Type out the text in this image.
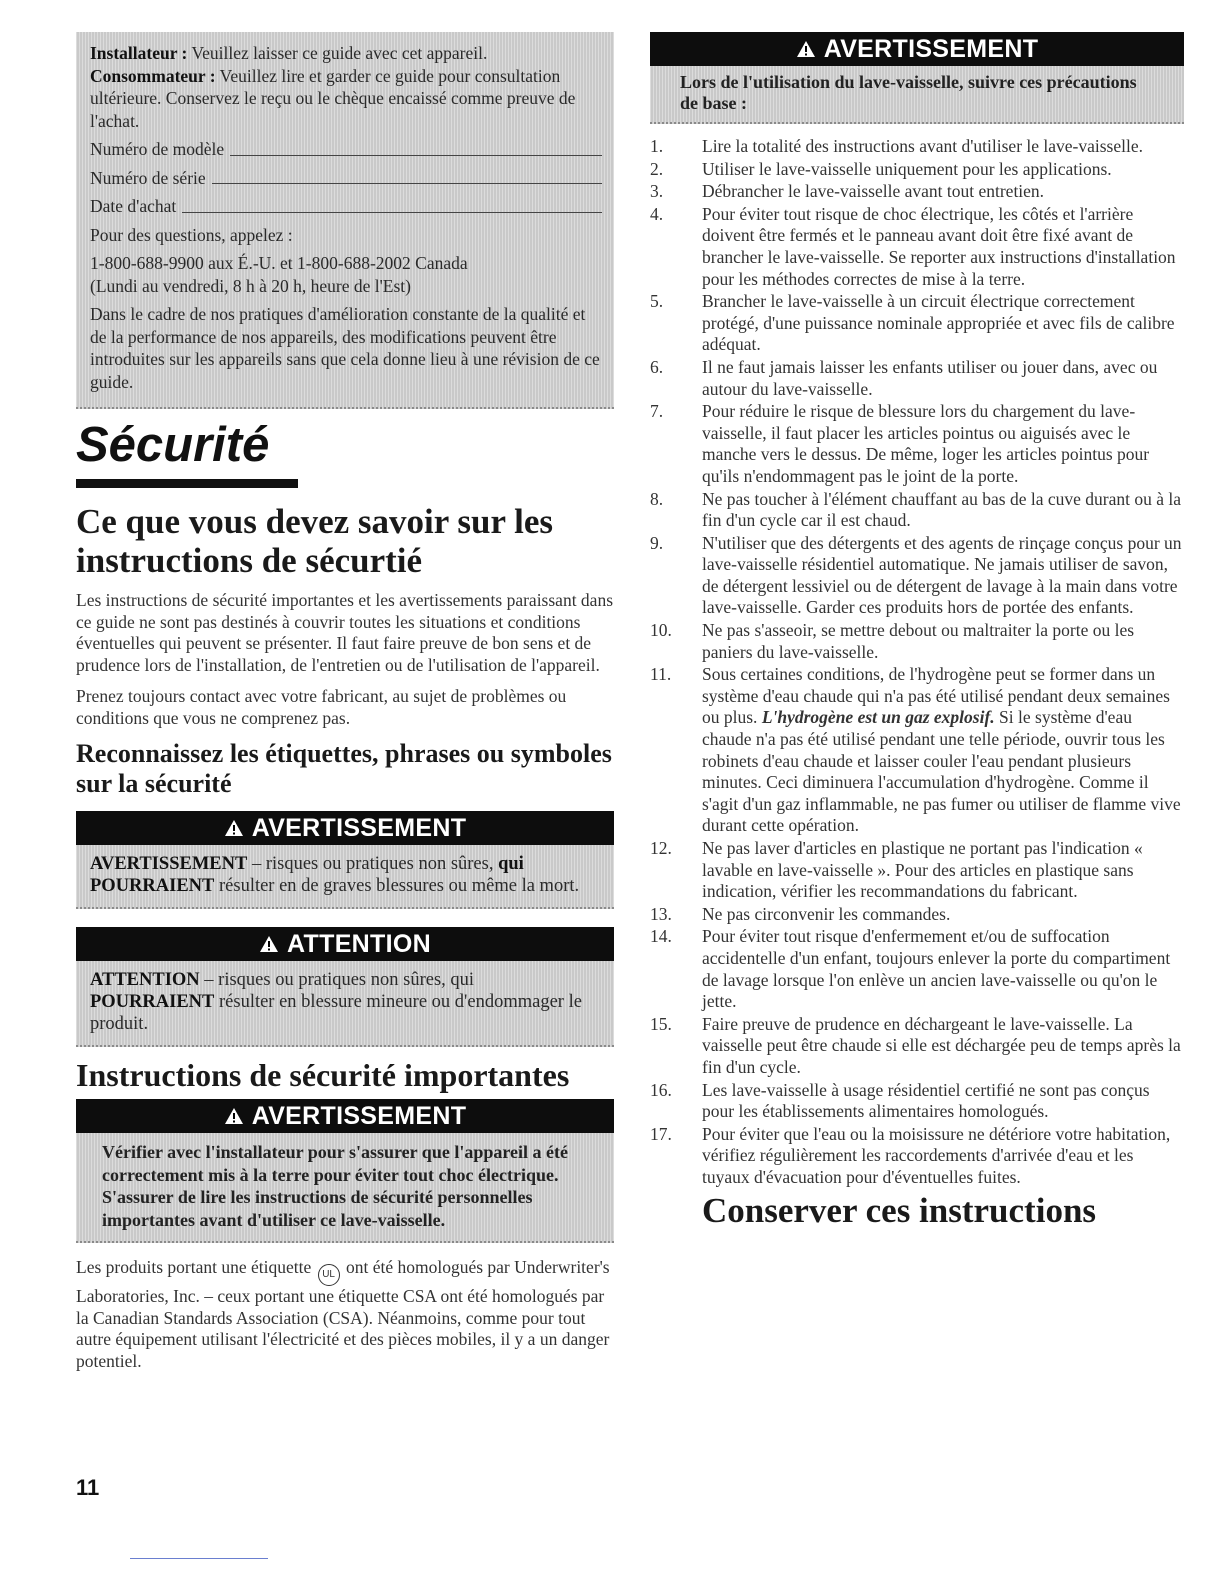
Installateur : Veuillez laisser ce guide avec cet appareil.

Consommateur : Veuillez lire et garder ce guide pour consultation ultérieure. Conservez le reçu ou le chèque encaissé comme preuve de l'achat.

Numéro de modèle
Numéro de série
Date d'achat

Pour des questions, appelez :

1-800-688-9900 aux É.-U. et 1-800-688-2002 Canada

(Lundi au vendredi, 8 h à 20 h, heure de l'Est)

Dans le cadre de nos pratiques d'amélioration constante de la qualité et de la performance de nos appareils, des modifications peuvent être introduites sur les appareils sans que cela donne lieu à une révision de ce guide.

Sécurité
Ce que vous devez savoir sur les instructions de sécurtié

Les instructions de sécurité importantes et les avertissements paraissant dans ce guide ne sont pas destinés à couvrir toutes les situations et conditions éventuelles qui peuvent se présenter. Il faut faire preuve de bon sens et de prudence lors de l'installation, de l'entretien ou de l'utilisation de l'appareil.

Prenez toujours contact avec votre fabricant, au sujet de problèmes ou conditions que vous ne comprenez pas.

Reconnaissez les étiquettes, phrases ou symboles sur la sécurité
AVERTISSEMENT
AVERTISSEMENT – risques ou pratiques non sûres, qui POURRAIENT résulter en de graves blessures ou même la mort.
ATTENTION
ATTENTION – risques ou pratiques non sûres, qui POURRAIENT résulter en blessure mineure ou d'endommager le produit.
Instructions de sécurité importantes
AVERTISSEMENT
Vérifier avec l'installateur pour s'assurer que l'appareil a été correctement mis à la terre pour éviter tout choc électrique. S'assurer de lire les instructions de sécurité personnelles importantes avant d'utiliser ce lave-vaisselle.

Les produits portant une étiquette UL ont été homologués par Underwriter's Laboratories, Inc. – ceux portant une étiquette CSA ont été homologués par la Canadian Standards Association (CSA). Néanmoins, comme pour tout autre équipement utilisant l'électricité et des pièces mobiles, il y a un danger potentiel.

11
AVERTISSEMENT
Lors de l'utilisation du lave-vaisselle, suivre ces précautions de base :
1.	Lire la totalité des instructions avant d'utiliser le lave-vaisselle.
2.	Utiliser le lave-vaisselle uniquement pour les applications.
3.	Débrancher le lave-vaisselle avant tout entretien.
4.	Pour éviter tout risque de choc électrique, les côtés et l'arrière doivent être fermés et le panneau avant doit être fixé avant de brancher le lave-vaisselle. Se reporter aux instructions d'installation pour les méthodes correctes de mise à la terre.
5.	Brancher le lave-vaisselle à un circuit électrique correctement protégé, d'une puissance nominale appropriée et avec fils de calibre adéquat.
6.	Il ne faut jamais laisser les enfants utiliser ou jouer dans, avec ou autour du lave-vaisselle.
7.	Pour réduire le risque de blessure lors du chargement du lave-vaisselle, il faut placer les articles pointus ou aiguisés avec le manche vers le dessus. De même, loger les articles pointus pour qu'ils n'endommagent pas le joint de la porte.
8.	Ne pas toucher à l'élément chauffant au bas de la cuve durant ou à la fin d'un cycle car il est chaud.
9.	N'utiliser que des détergents et des agents de rinçage conçus pour un lave-vaisselle résidentiel automatique. Ne jamais utiliser de savon, de détergent lessiviel ou de détergent de lavage à la main dans votre lave-vaisselle. Garder ces produits hors de portée des enfants.
10.	Ne pas s'asseoir, se mettre debout ou maltraiter la porte ou les paniers du lave-vaisselle.
11.	Sous certaines conditions, de l'hydrogène peut se former dans un système d'eau chaude qui n'a pas été utilisé pendant deux semaines ou plus. L'hydrogène est un gaz explosif. Si le système d'eau chaude n'a pas été utilisé pendant une telle période, ouvrir tous les robinets d'eau chaude et laisser couler l'eau pendant plusieurs minutes. Ceci diminuera l'accumulation d'hydrogène. Comme il s'agit d'un gaz inflammable, ne pas fumer ou utiliser de flamme vive durant cette opération.
12.	Ne pas laver d'articles en plastique ne portant pas l'indication « lavable en lave-vaisselle ». Pour des articles en plastique sans indication, vérifier les recommandations du fabricant.
13.	Ne pas circonvenir les commandes.
14.	Pour éviter tout risque d'enfermement et/ou de suffocation accidentelle d'un enfant, toujours enlever la porte du compartiment de lavage lorsque l'on enlève un ancien lave-vaisselle ou qu'on le jette.
15.	Faire preuve de prudence en déchargeant le lave-vaisselle. La vaisselle peut être chaude si elle est déchargée peu de temps après la fin d'un cycle.
16.	Les lave-vaisselle à usage résidentiel certifié ne sont pas conçus pour les établissements alimentaires homologués.
17.	Pour éviter que l'eau ou la moisissure ne détériore votre habitation, vérifiez régulièrement les raccordements d'arrivée d'eau et les tuyaux d'évacuation pour d'éventuelles fuites.
Conserver ces instructions
